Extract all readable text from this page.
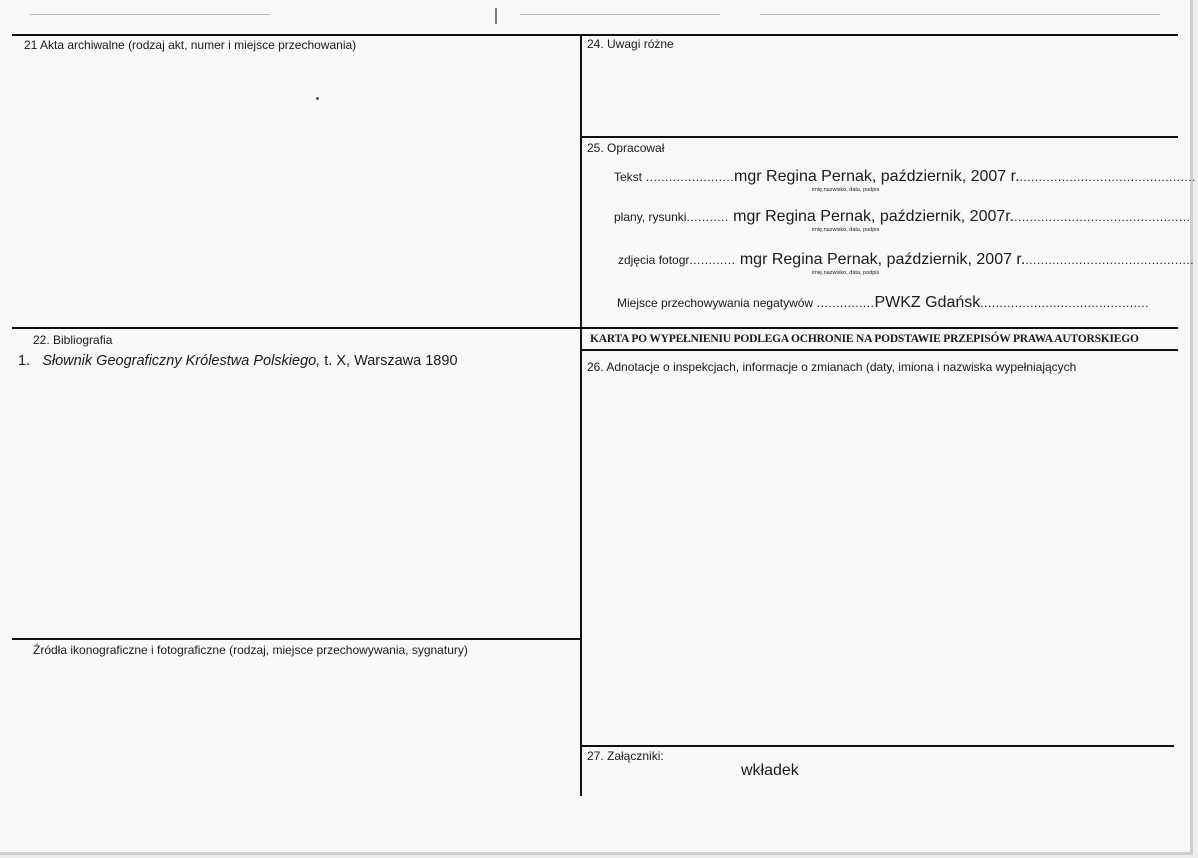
21 Akta archiwalne (rodzaj akt, numer i miejsce przechowania)
22. Bibliografia
1. Słownik Geograficzny Królestwa Polskiego, t. X, Warszawa 1890
Źródła ikonograficzne i fotograficzne (rodzaj, miejsce przechowywania, sygnatury)
24. Uwagi różne
25. Opracował
Tekst .......................mgr Regina Pernak, październik, 2007 r...............................................
imię,nazwisko, data, podpis
plany, rysunki........... mgr Regina Pernak, październik, 2007r...............................................
imię,nazwisko, data, podpis
zdjęcia fotogr............ mgr Regina Pernak, październik, 2007 r.............................................
imię,nazwisko, data, podpis
Miejsce przechowywania negatywów ...............PWKZ Gdańsk............................................
KARTA PO WYPEŁNIENIU PODLEGA OCHRONIE NA PODSTAWIE PRZEPISÓW PRAWA AUTORSKIEGO
26. Adnotacje o inspekcjach, informacje o zmianach (daty, imiona i nazwiska wypełniających
27. Załączniki:
wkładek
